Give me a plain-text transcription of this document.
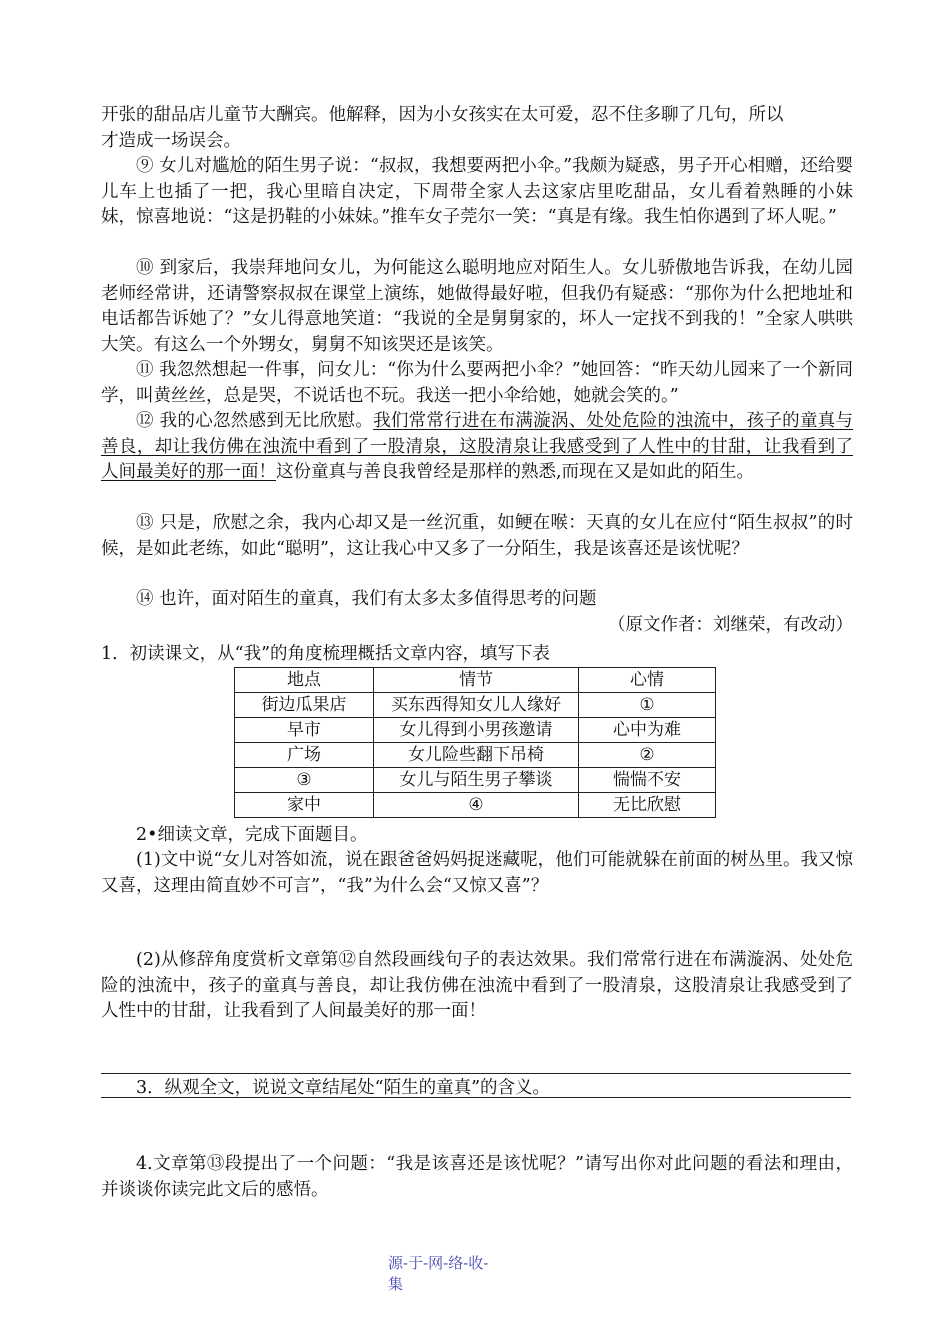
开张的甜品店儿童节大酬宾。他解释，因为小女孩实在太可爱，忍不住多聊了几句，所以
才造成一场误会。

⑨ 女儿对尴尬的陌生男子说：“叔叔，我想要两把小伞。”我颇为疑惑，男子开心相赠，还给婴儿车上也插了一把，我心里暗自决定，下周带全家人去这家店里吃甜品，女儿看着熟睡的小妹妹，惊喜地说：“这是扔鞋的小妹妹。”推车女子莞尔一笑：“真是有缘。我生怕你遇到了坏人呢。”

⑩ 到家后，我崇拜地问女儿，为何能这么聪明地应对陌生人。女儿骄傲地告诉我，在幼儿园老师经常讲，还请警察叔叔在课堂上演练，她做得最好啦，但我仍有疑惑：“那你为什么把地址和电话都告诉她了？”女儿得意地笑道：“我说的全是舅舅家的，坏人一定找不到我的！”全家人哄哄大笑。有这么一个外甥女，舅舅不知该哭还是该笑。

⑪ 我忽然想起一件事，问女儿：“你为什么要两把小伞？”她回答：“昨天幼儿园来了一个新同学，叫黄丝丝，总是哭，不说话也不玩。我送一把小伞给她，她就会笑的。”

⑫ 我的心忽然感到无比欣慰。我们常常行进在布满漩涡、处处危险的浊流中，孩子的童真与善良，却让我仿佛在浊流中看到了一股清泉，这股清泉让我感受到了人性中的甘甜，让我看到了人间最美好的那一面！这份童真与善良我曾经是那样的熟悉,而现在又是如此的陌生。

⑬ 只是，欣慰之余，我内心却又是一丝沉重，如鲠在喉：天真的女儿在应付“陌生叔叔”的时候，是如此老练，如此“聪明”，这让我心中又多了一分陌生，我是该喜还是该忧呢？

⑭ 也许，面对陌生的童真，我们有太多太多值得思考的问题

（原文作者：刘继荣，有改动）

1．初读课文，从“我”的角度梳理概括文章内容，填写下表

地点	情节	心情
街边瓜果店	买东西得知女儿人缘好	①
早市	女儿得到小男孩邀请	心中为难
广场	女儿险些翻下吊椅	②
③	女儿与陌生男子攀谈	惴惴不安
家中	④	无比欣慰

2•细读文章，完成下面题目。

(1)文中说“女儿对答如流，说在跟爸爸妈妈捉迷藏呢，他们可能就躲在前面的树丛里。我又惊又喜，这理由简直妙不可言”，“我”为什么会“又惊又喜”？

(2)从修辞角度赏析文章第⑫自然段画线句子的表达效果。我们常常行进在布满漩涡、处处危险的浊流中，孩子的童真与善良，却让我仿佛在浊流中看到了一股清泉，这股清泉让我感受到了人性中的甘甜，让我看到了人间最美好的那一面！

3．纵观全文，说说文章结尾处“陌生的童真”的含义。

4.文章第⑬段提出了一个问题：“我是该喜还是该忧呢？”请写出你对此问题的看法和理由，并谈谈你读完此文后的感悟。

源-于-网-络-收-
集
